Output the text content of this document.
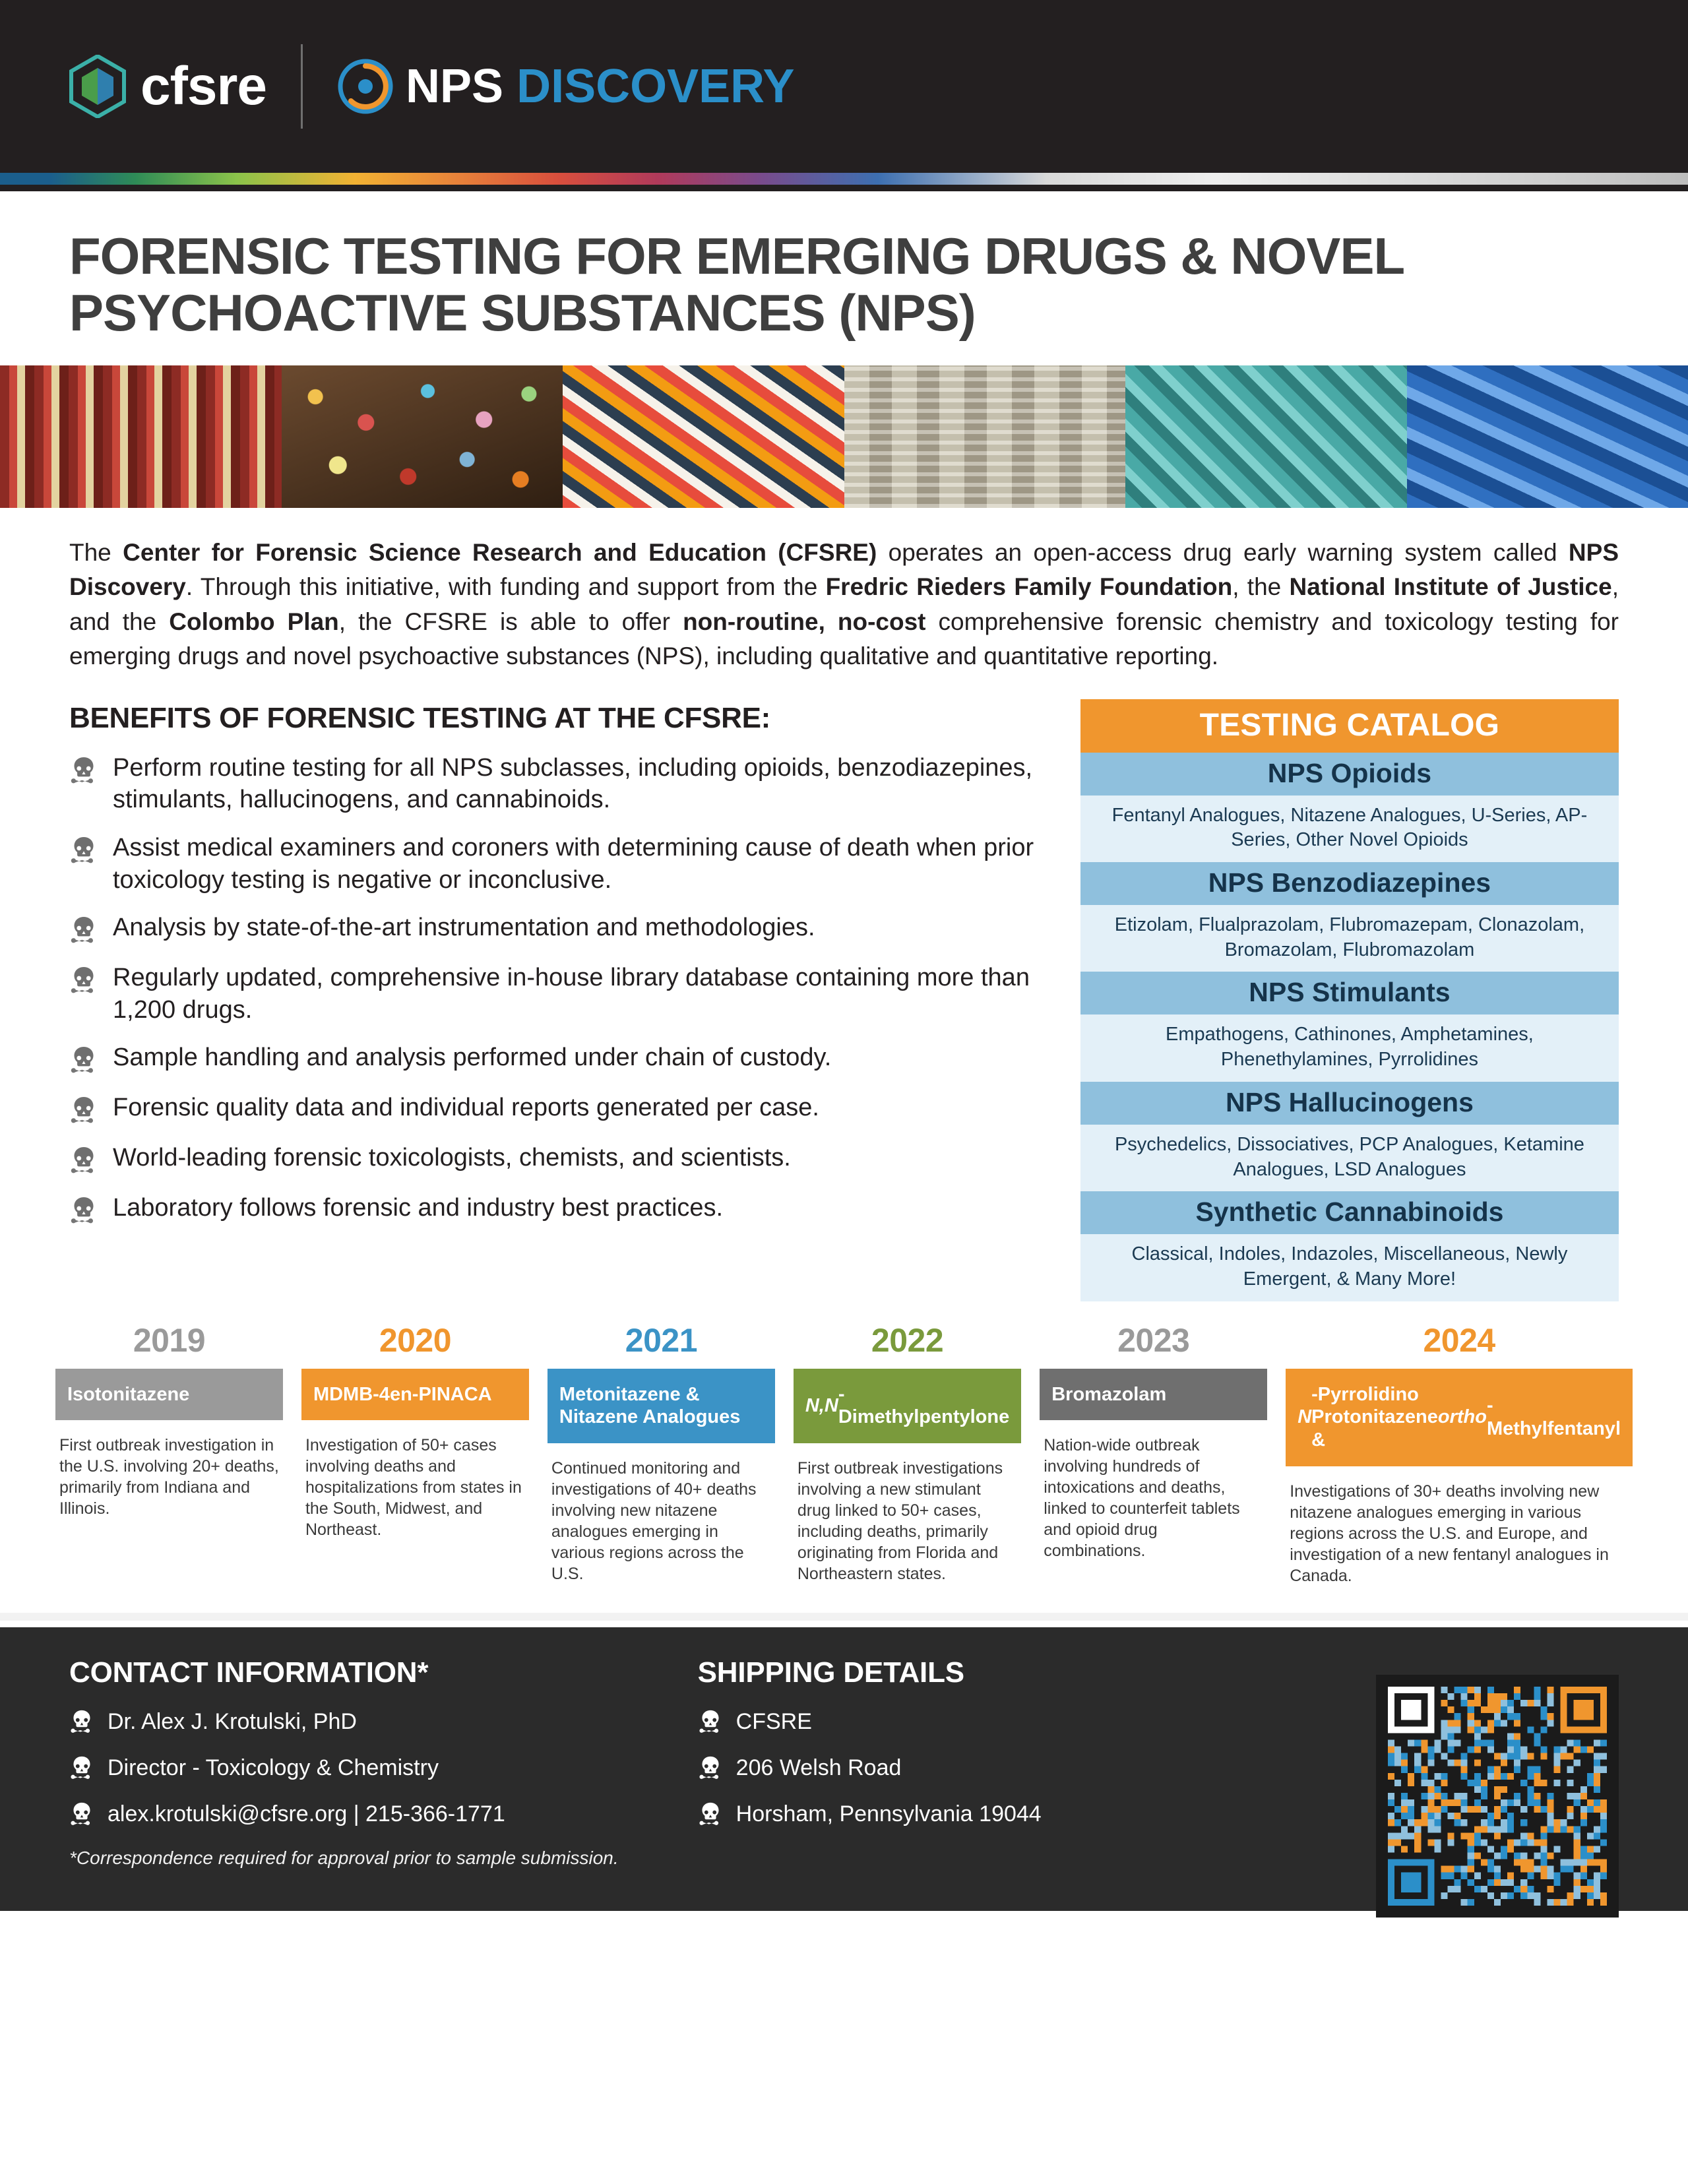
cfsre	NPS DISCOVERY
FORENSIC TESTING FOR EMERGING DRUGS & NOVEL PSYCHOACTIVE SUBSTANCES (NPS)
The Center for Forensic Science Research and Education (CFSRE) operates an open-access drug early warning system called NPS Discovery. Through this initiative, with funding and support from the Fredric Rieders Family Foundation, the National Institute of Justice, and the Colombo Plan, the CFSRE is able to offer non-routine, no-cost comprehensive forensic chemistry and toxicology testing for emerging drugs and novel psychoactive substances (NPS), including qualitative and quantitative reporting.
BENEFITS OF FORENSIC TESTING AT THE CFSRE:
Perform routine testing for all NPS subclasses, including opioids, benzodiazepines, stimulants, hallucinogens, and cannabinoids.
Assist medical examiners and coroners with determining cause of death when prior toxicology testing is negative or inconclusive.
Analysis by state-of-the-art instrumentation and methodologies.
Regularly updated, comprehensive in-house library database containing more than 1,200 drugs.
Sample handling and analysis performed under chain of custody.
Forensic quality data and individual reports generated per case.
World-leading forensic toxicologists, chemists, and scientists.
Laboratory follows forensic and industry best practices.
TESTING CATALOG
NPS Opioids
Fentanyl Analogues, Nitazene Analogues, U-Series, AP-Series, Other Novel Opioids
NPS Benzodiazepines
Etizolam, Flualprazolam, Flubromazepam, Clonazolam, Bromazolam, Flubromazolam
NPS Stimulants
Empathogens, Cathinones, Amphetamines, Phenethylamines, Pyrrolidines
NPS Hallucinogens
Psychedelics, Dissociatives, PCP Analogues, Ketamine Analogues, LSD Analogues
Synthetic Cannabinoids
Classical, Indoles, Indazoles, Miscellaneous, Newly Emergent, & Many More!
2019
Isotonitazene
First outbreak investigation in the U.S. involving 20+ deaths, primarily from Indiana and Illinois.
2020
MDMB-4en-PINACA
Investigation of 50+ cases involving deaths and hospitalizations from states in the South, Midwest, and Northeast.
2021
Metonitazene & Nitazene Analogues
Continued monitoring and investigations of 40+ deaths involving new nitazene analogues emerging in various regions across the U.S.
2022
N,N
-Dimethylpentylone
First outbreak investigations involving a new stimulant drug linked to 50+ cases, including deaths, primarily originating from Florida and Northeastern states.
2023
Bromazolam
Nation-wide outbreak involving hundreds of intoxications and deaths, linked to counterfeit tablets and opioid drug combinations.
2024
N
-Pyrrolidino Protonitazene &
ortho
-Methylfentanyl
Investigations of 30+ deaths involving new nitazene analogues emerging in various regions across the U.S. and Europe, and investigation of a new fentanyl analogues in Canada.
CONTACT INFORMATION*
Dr. Alex J. Krotulski, PhD
Director - Toxicology & Chemistry
alex.krotulski@cfsre.org | 215-366-1771
*Correspondence required for approval prior to sample submission.
SHIPPING DETAILS
CFSRE
206 Welsh Road
Horsham, Pennsylvania 19044
